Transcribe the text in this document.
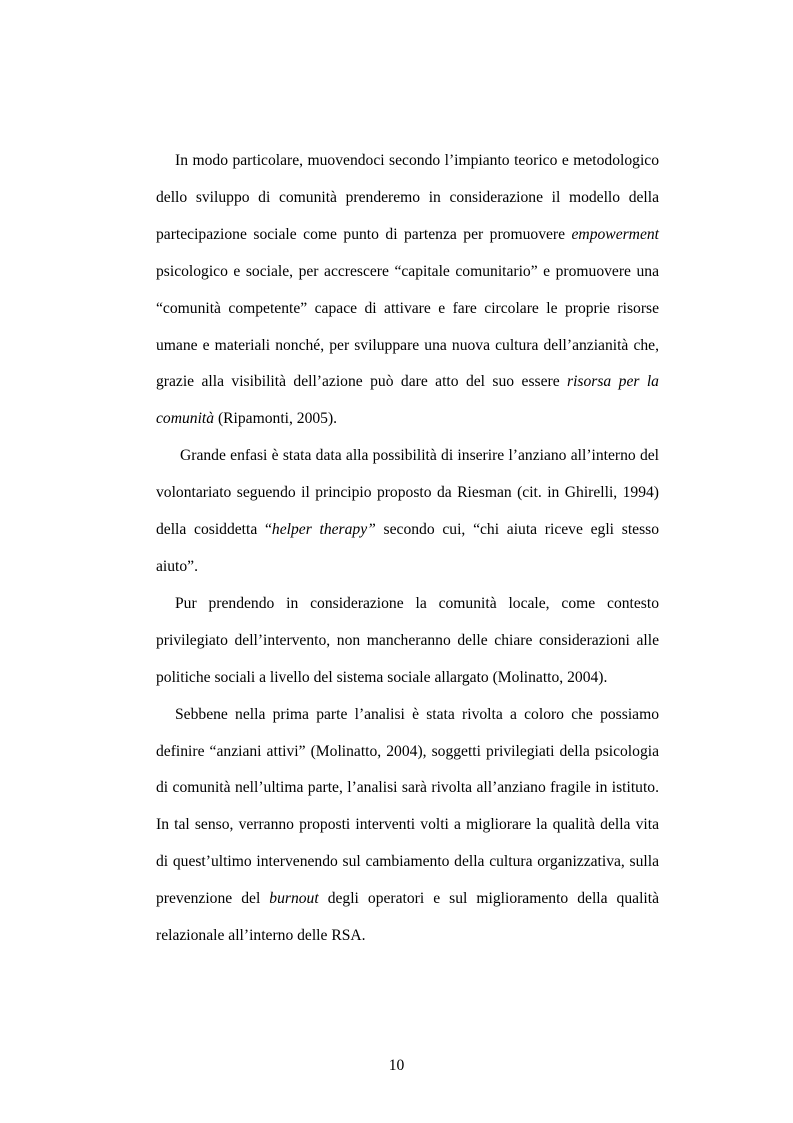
In modo particolare, muovendoci secondo l’impianto teorico e metodologico dello sviluppo di comunità prenderemo in considerazione il modello della partecipazione sociale come punto di partenza per promuovere empowerment psicologico e sociale, per accrescere “capitale comunitario” e promuovere una “comunità competente” capace di attivare e fare circolare le proprie risorse umane e materiali nonché, per sviluppare una nuova cultura dell’anzianità che, grazie alla visibilità dell’azione può dare atto del suo essere risorsa per la comunità (Ripamonti, 2005).

Grande enfasi è stata data alla possibilità di inserire l’anziano all’interno del volontariato seguendo il principio proposto da Riesman (cit. in Ghirelli, 1994) della cosiddetta “helper therapy” secondo cui, “chi aiuta riceve egli stesso aiuto”.

Pur prendendo in considerazione la comunità locale, come contesto privilegiato dell’intervento, non mancheranno delle chiare considerazioni alle politiche sociali a livello del sistema sociale allargato (Molinatto, 2004).

Sebbene nella prima parte l’analisi è stata rivolta a coloro che possiamo definire “anziani attivi” (Molinatto, 2004), soggetti privilegiati della psicologia di comunità nell’ultima parte, l’analisi sarà rivolta all’anziano fragile in istituto. In tal senso, verranno proposti interventi volti a migliorare la qualità della vita di quest’ultimo intervenendo sul cambiamento della cultura organizzativa, sulla prevenzione del burnout degli operatori e sul miglioramento della qualità relazionale all’interno delle RSA.

10
